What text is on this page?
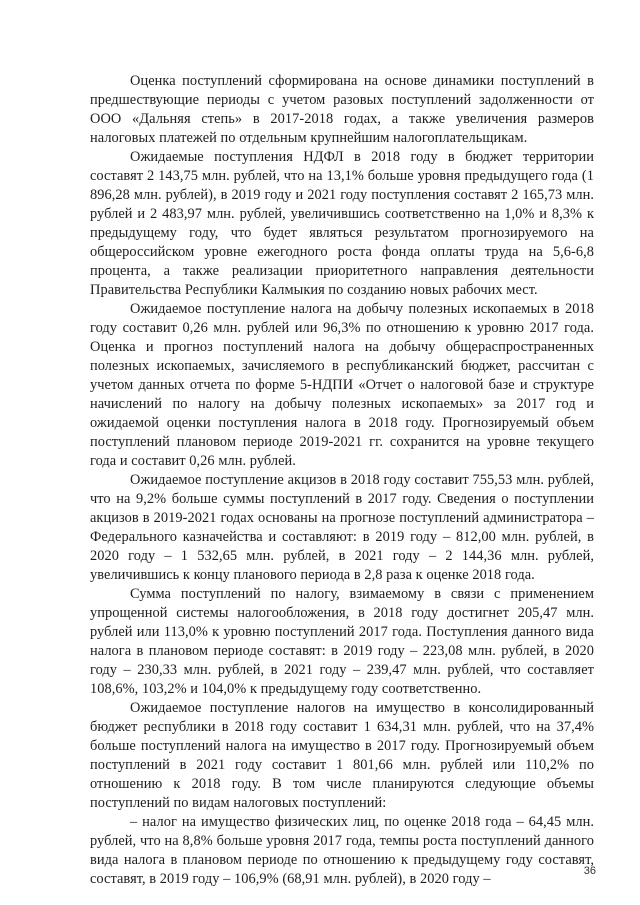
Оценка поступлений сформирована на основе динамики поступлений в предшествующие периоды с учетом разовых поступлений задолженности от ООО «Дальняя степь» в 2017-2018 годах, а также увеличения размеров налоговых платежей по отдельным крупнейшим налогоплательщикам.

Ожидаемые поступления НДФЛ в 2018 году в бюджет территории составят 2 143,75 млн. рублей, что на 13,1% больше уровня предыдущего года (1 896,28 млн. рублей), в 2019 году и 2021 году поступления составят 2 165,73 млн. рублей и 2 483,97 млн. рублей, увеличившись соответственно на 1,0% и 8,3% к предыдущему году, что будет являться результатом прогнозируемого на общероссийском уровне ежегодного роста фонда оплаты труда на 5,6-6,8 процента, а также реализации приоритетного направления деятельности Правительства Республики Калмыкия по созданию новых рабочих мест.

Ожидаемое поступление налога на добычу полезных ископаемых в 2018 году составит 0,26 млн. рублей или 96,3% по отношению к уровню 2017 года. Оценка и прогноз поступлений налога на добычу общераспространенных полезных ископаемых, зачисляемого в республиканский бюджет, рассчитан с учетом данных отчета по форме 5-НДПИ «Отчет о налоговой базе и структуре начислений по налогу на добычу полезных ископаемых» за 2017 год и ожидаемой оценки поступления налога в 2018 году. Прогнозируемый объем поступлений плановом периоде 2019-2021 гг. сохранится на уровне текущего года и составит 0,26 млн. рублей.

Ожидаемое поступление акцизов в 2018 году составит 755,53 млн. рублей, что на 9,2% больше суммы поступлений в 2017 году. Сведения о поступлении акцизов в 2019-2021 годах основаны на прогнозе поступлений администратора – Федерального казначейства и составляют: в 2019 году – 812,00 млн. рублей, в 2020 году – 1 532,65 млн. рублей, в 2021 году – 2 144,36 млн. рублей, увеличившись к концу планового периода в 2,8 раза к оценке 2018 года.

Сумма поступлений по налогу, взимаемому в связи с применением упрощенной системы налогообложения, в 2018 году достигнет 205,47 млн. рублей или 113,0% к уровню поступлений 2017 года. Поступления данного вида налога в плановом периоде составят: в 2019 году – 223,08 млн. рублей, в 2020 году – 230,33 млн. рублей, в 2021 году – 239,47 млн. рублей, что составляет 108,6%, 103,2% и 104,0% к предыдущему году соответственно.

Ожидаемое поступление налогов на имущество в консолидированный бюджет республики в 2018 году составит 1 634,31 млн. рублей, что на 37,4% больше поступлений налога на имущество в 2017 году. Прогнозируемый объем поступлений в 2021 году составит 1 801,66 млн. рублей или 110,2% по отношению к 2018 году. В том числе планируются следующие объемы поступлений по видам налоговых поступлений:

– налог на имущество физических лиц, по оценке 2018 года – 64,45 млн. рублей, что на 8,8% больше уровня 2017 года, темпы роста поступлений данного вида налога в плановом периоде по отношению к предыдущему году составят, составят, в 2019 году – 106,9% (68,91 млн. рублей), в 2020 году –	36
